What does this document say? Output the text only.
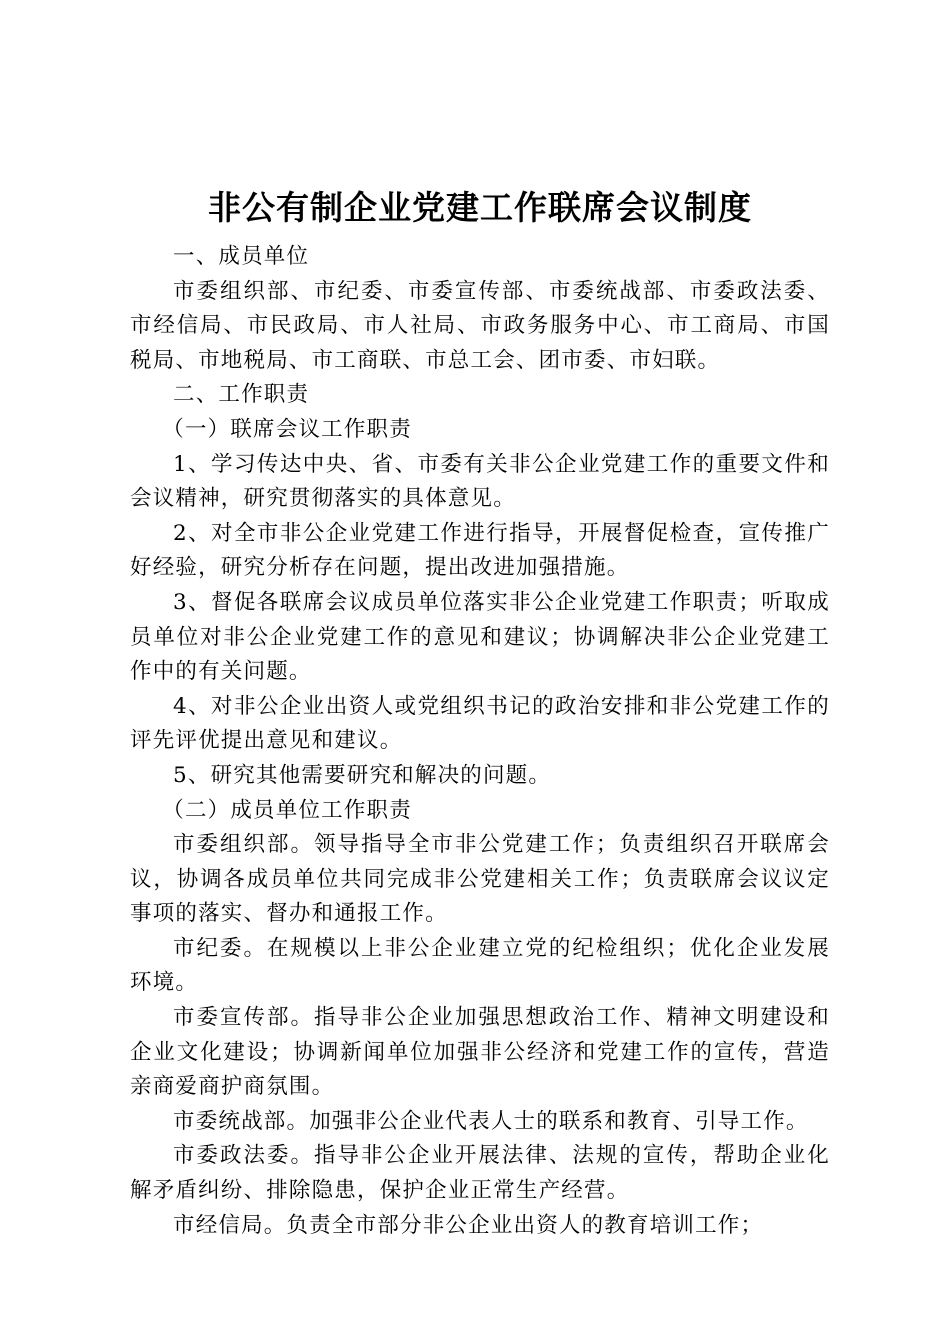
非公有制企业党建工作联席会议制度

一、成员单位

市委组织部、市纪委、市委宣传部、市委统战部、市委政法委、市经信局、市民政局、市人社局、市政务服务中心、市工商局、市国税局、市地税局、市工商联、市总工会、团市委、市妇联。

二、工作职责

（一）联席会议工作职责

1、学习传达中央、省、市委有关非公企业党建工作的重要文件和会议精神，研究贯彻落实的具体意见。

2、对全市非公企业党建工作进行指导，开展督促检查，宣传推广好经验，研究分析存在问题，提出改进加强措施。

3、督促各联席会议成员单位落实非公企业党建工作职责；听取成员单位对非公企业党建工作的意见和建议；协调解决非公企业党建工作中的有关问题。

4、对非公企业出资人或党组织书记的政治安排和非公党建工作的评先评优提出意见和建议。

5、研究其他需要研究和解决的问题。

（二）成员单位工作职责

市委组织部。领导指导全市非公党建工作；负责组织召开联席会议，协调各成员单位共同完成非公党建相关工作；负责联席会议议定事项的落实、督办和通报工作。

市纪委。在规模以上非公企业建立党的纪检组织；优化企业发展环境。

市委宣传部。指导非公企业加强思想政治工作、精神文明建设和企业文化建设；协调新闻单位加强非公经济和党建工作的宣传，营造亲商爱商护商氛围。

市委统战部。加强非公企业代表人士的联系和教育、引导工作。

市委政法委。指导非公企业开展法律、法规的宣传，帮助企业化解矛盾纠纷、排除隐患，保护企业正常生产经营。

市经信局。负责全市部分非公企业出资人的教育培训工作；
